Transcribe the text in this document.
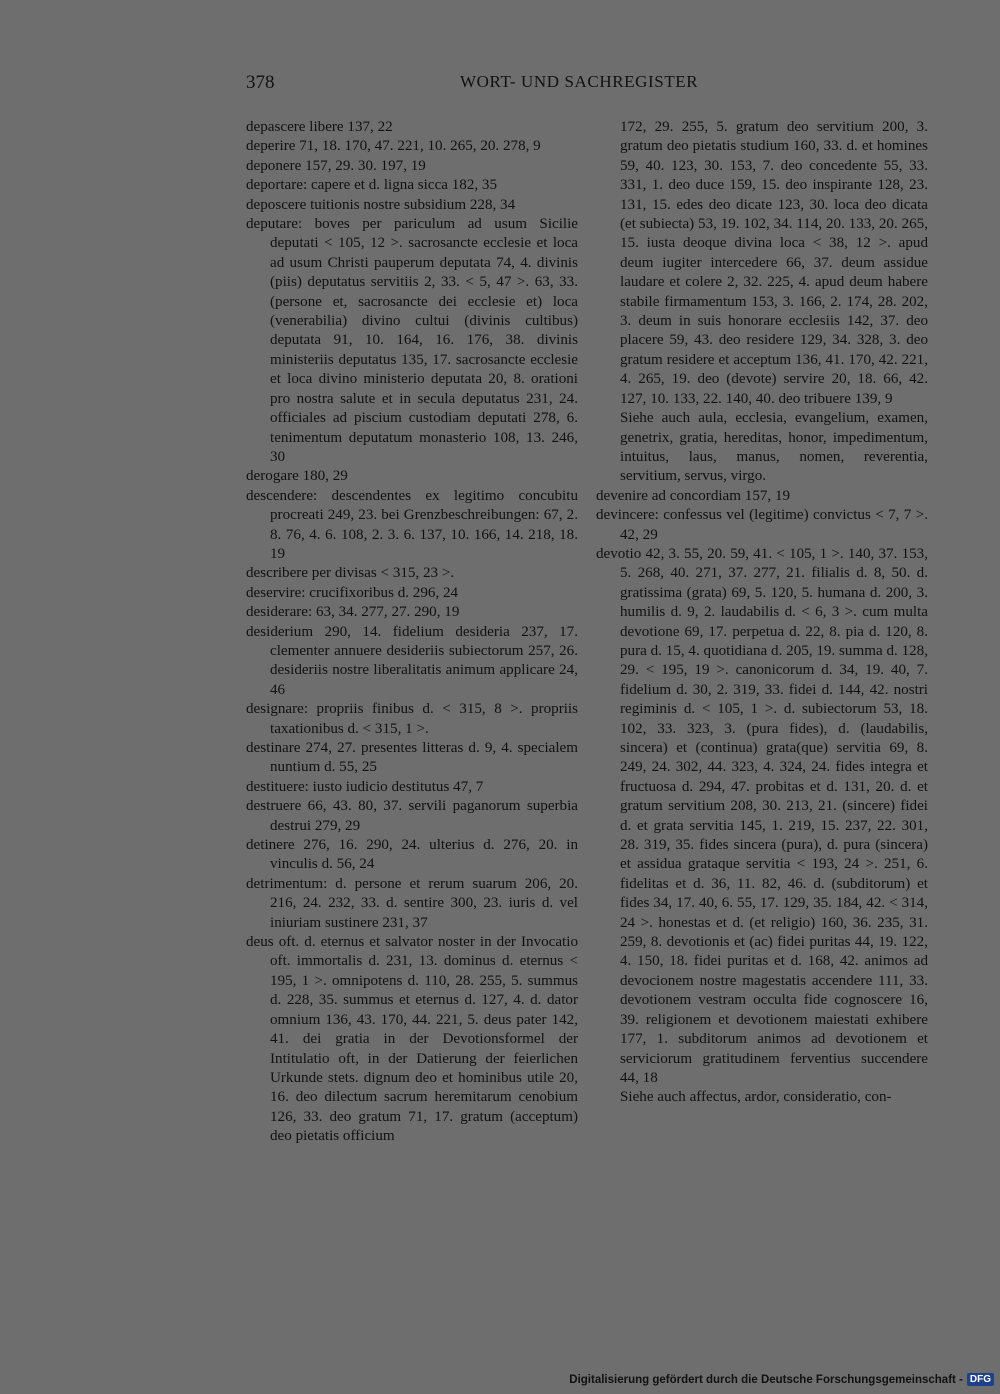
378	WORT- UND SACHREGISTER
depascere libere 137, 22
deperire 71, 18. 170, 47. 221, 10. 265, 20. 278, 9
deponere 157, 29. 30. 197, 19
deportare: capere et d. ligna sicca 182, 35
deposcere tuitionis nostre subsidium 228, 34
deputare: boves per pariculum ad usum Sicilie deputati < 105, 12 >. sacrosancte ecclesie et loca ad usum Christi pauperum deputata 74, 4. divinis (piis) deputatus servitiis 2, 33. < 5, 47 >. 63, 33. (persone et, sacrosancte dei ecclesie et) loca (venerabilia) divino cultui (divinis cultibus) deputata 91, 10. 164, 16. 176, 38. divinis ministeriis deputatus 135, 17. sacrosancte ecclesie et loca divino ministerio deputata 20, 8. orationi pro nostra salute et in secula deputatus 231, 24. officiales ad piscium custodiam deputati 278, 6. tenimentum deputatum monasterio 108, 13. 246, 30
derogare 180, 29
descendere: descendentes ex legitimo concubitu procreati 249, 23. bei Grenzbeschreibungen: 67, 2. 8. 76, 4. 6. 108, 2. 3. 6. 137, 10. 166, 14. 218, 18. 19
describere per divisas < 315, 23 >.
deservire: crucifixoribus d. 296, 24
desiderare: 63, 34. 277, 27. 290, 19
desiderium 290, 14. fidelium desideria 237, 17. clementer annuere desideriis subiectorum 257, 26. desideriis nostre liberalitatis animum applicare 24, 46
designare: propriis finibus d. < 315, 8 >. propriis taxationibus d. < 315, 1 >.
destinare 274, 27. presentes litteras d. 9, 4. specialem nuntium d. 55, 25
destituere: iusto iudicio destitutus 47, 7
destruere 66, 43. 80, 37. servili paganorum superbia destrui 279, 29
detinere 276, 16. 290, 24. ulterius d. 276, 20. in vinculis d. 56, 24
detrimentum: d. persone et rerum suarum 206, 20. 216, 24. 232, 33. d. sentire 300, 23. iuris d. vel iniuriam sustinere 231, 37
deus oft. d. eternus et salvator noster in der Invocatio oft. immortalis d. 231, 13. dominus d. eternus < 195, 1 >. omnipotens d. 110, 28. 255, 5. summus d. 228, 35. summus et eternus d. 127, 4. d. dator omnium 136, 43. 170, 44. 221, 5. deus pater 142, 41. dei gratia in der Devotionsformel der Intitulatio oft, in der Datierung der feierlichen Urkunde stets. dignum deo et hominibus utile 20, 16. deo dilectum sacrum heremitarum cenobium 126, 33. deo gratum 71, 17. gratum (acceptum) deo pietatis officium
172, 29. 255, 5. gratum deo servitium 200, 3. gratum deo pietatis studium 160, 33. d. et homines 59, 40. 123, 30. 153, 7. deo concedente 55, 33. 331, 1. deo duce 159, 15. deo inspirante 128, 23. 131, 15. edes deo dicate 123, 30. loca deo dicata (et subiecta) 53, 19. 102, 34. 114, 20. 133, 20. 265, 15. iusta deoque divina loca < 38, 12 >. apud deum iugiter intercedere 66, 37. deum assidue laudare et colere 2, 32. 225, 4. apud deum habere stabile firmamentum 153, 3. 166, 2. 174, 28. 202, 3. deum in suis honorare ecclesiis 142, 37. deo placere 59, 43. deo residere 129, 34. 328, 3. deo gratum residere et acceptum 136, 41. 170, 42. 221, 4. 265, 19. deo (devote) servire 20, 18. 66, 42. 127, 10. 133, 22. 140, 40. deo tribuere 139, 9
Siehe auch aula, ecclesia, evangelium, examen, genetrix, gratia, hereditas, honor, impedimentum, intuitus, laus, manus, nomen, reverentia, servitium, servus, virgo.
devenire ad concordiam 157, 19
devincere: confessus vel (legitime) convictus < 7, 7 >. 42, 29
devotio 42, 3. 55, 20. 59, 41. < 105, 1 >. 140, 37. 153, 5. 268, 40. 271, 37. 277, 21. filialis d. 8, 50. d. gratissima (grata) 69, 5. 120, 5. humana d. 200, 3. humilis d. 9, 2. laudabilis d. < 6, 3 >. cum multa devotione 69, 17. perpetua d. 22, 8. pia d. 120, 8. pura d. 15, 4. quotidiana d. 205, 19. summa d. 128, 29. < 195, 19 >. canonicorum d. 34, 19. 40, 7. fidelium d. 30, 2. 319, 33. fidei d. 144, 42. nostri regiminis d. < 105, 1 >. d. subiectorum 53, 18. 102, 33. 323, 3. (pura fides), d. (laudabilis, sincera) et (continua) grata(que) servitia 69, 8. 249, 24. 302, 44. 323, 4. 324, 24. fides integra et fructuosa d. 294, 47. probitas et d. 131, 20. d. et gratum servitium 208, 30. 213, 21. (sincere) fidei d. et grata servitia 145, 1. 219, 15. 237, 22. 301, 28. 319, 35. fides sincera (pura), d. pura (sincera) et assidua grataque servitia < 193, 24 >. 251, 6. fidelitas et d. 36, 11. 82, 46. d. (subditorum) et fides 34, 17. 40, 6. 55, 17. 129, 35. 184, 42. < 314, 24 >. honestas et d. (et religio) 160, 36. 235, 31. 259, 8. devotionis et (ac) fidei puritas 44, 19. 122, 4. 150, 18. fidei puritas et d. 168, 42. animos ad devocionem nostre magestatis accendere 111, 33. devotionem vestram occulta fide cognoscere 16, 39. religionem et devotionem maiestati exhibere 177, 1. subditorum animos ad devotionem et serviciorum gratitudinem ferventius succendere 44, 18
Siehe auch affectus, ardor, consideratio, con-
Digitalisierung gefördert durch die Deutsche Forschungsgemeinschaft - DFG
